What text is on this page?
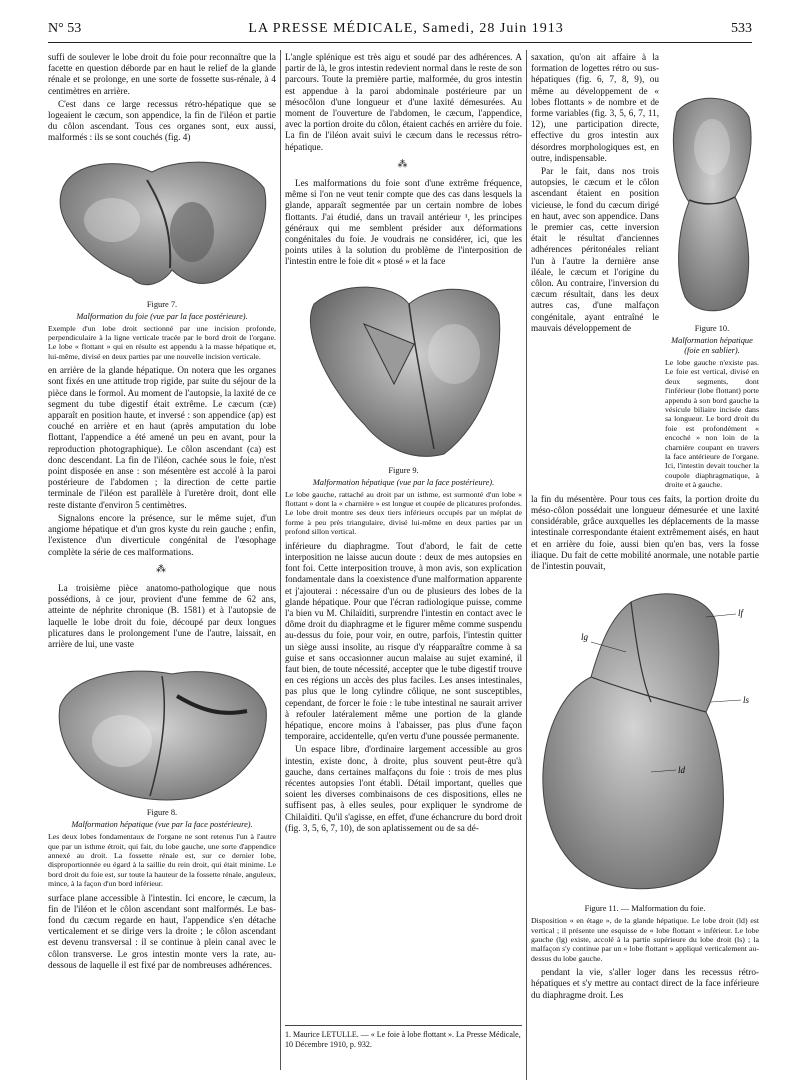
N° 53	LA PRESSE MÉDICALE, Samedi, 28 Juin 1913	533

suffi de soulever le lobe droit du foie pour reconnaître que la facette en question déborde par en haut le relief de la glande rénale et se prolonge, en une sorte de fossette sus-rénale, à 4 centimètres en arrière.

C'est dans ce large recessus rétro-hépatique que se logeaient le cæcum, son appendice, la fin de l'iléon et partie du côlon ascendant. Tous ces organes sont, eux aussi, malformés : ils se sont couchés (fig. 4)

Figure 7.
Malformation du foie (vue par la face postérieure).
Exemple d'un lobe droit sectionné par une incision profonde, perpendiculaire à la ligne verticale tracée par le bord droit de l'organe. Le lobe « flottant » qui en résulte est appendu à la masse hépatique et, lui-même, divisé en deux parties par une nouvelle incision verticale.

en arrière de la glande hépatique. On notera que les organes sont fixés en une attitude trop rigide, par suite du séjour de la pièce dans le formol. Au moment de l'autopsie, la laxité de ce segment du tube digestif était extrême. Le cæcum (cæ) apparaît en position haute, et inversé : son appendice (ap) est couché en arrière et en haut (après amputation du lobe flottant, l'appendice a été amené un peu en avant, pour la reproduction photographique). Le côlon ascendant (ca) est donc descendant. La fin de l'iléon, cachée sous le foie, n'est point disposée en anse : son mésentère est accolé à la paroi postérieure de l'abdomen ; la direction de cette partie terminale de l'iléon est parallèle à l'uretère droit, dont elle reste distante d'environ 5 centimètres.

Signalons encore la présence, sur le même sujet, d'un angiome hépatique et d'un gros kyste du rein gauche ; enfin, l'existence d'un diverticule congénital de l'œsophage complète la série de ces malformations.

⁂

La troisième pièce anatomo-pathologique que nous possédions, à ce jour, provient d'une femme de 62 ans, atteinte de néphrite chronique (B. 1581) et à l'autopsie de laquelle le lobe droit du foie, découpé par deux longues plicatures dans le prolongement l'une de l'autre, laissait, en arrière de lui, une vaste

Figure 8.
Malformation hépatique (vue par la face postérieure).
Les deux lobes fondamentaux de l'organe ne sont retenus l'un à l'autre que par un isthme étroit, qui fait, du lobe gauche, une sorte d'appendice annexé au droit. La fossette rénale est, sur ce dernier lobe, disproportionnée eu égard à la saillie du rein droit, qui était minime. Le bord droit du foie est, sur toute la hauteur de la fossette rénale, anguleux, mince, à la façon d'un bord inférieur.

surface plane accessible à l'intestin. Ici encore, le cæcum, la fin de l'iléon et le côlon ascendant sont malformés. Le bas-fond du cæcum regarde en haut, l'appendice s'en détache verticalement et se dirige vers la droite ; le côlon ascendant est devenu transversal : il se continue à plein canal avec le côlon transverse. Le gros intestin monte vers la rate, au-dessous de laquelle il est fixé par de nombreuses adhérences.

L'angle splénique est très aigu et soudé par des adhérences. A partir de là, le gros intestin redevient normal dans le reste de son parcours. Toute la première partie, malformée, du gros intestin est appendue à la paroi abdominale postérieure par un mésocôlon d'une longueur et d'une laxité démesurées. Au moment de l'ouverture de l'abdomen, le cæcum, l'appendice, avec la portion droite du côlon, étaient cachés en arrière du foie. La fin de l'iléon avait suivi le cæcum dans le recessus rétro-hépatique.

⁂

Les malformations du foie sont d'une extrême fréquence, même si l'on ne veut tenir compte que des cas dans lesquels la glande, apparaît segmentée par un certain nombre de lobes flottants. J'ai étudié, dans un travail antérieur ¹, les principes généraux qui me semblent présider aux déformations congénitales du foie. Je voudrais ne considérer, ici, que les points utiles à la solution du problème de l'interposition de l'intestin entre le foie dit « ptosé » et la face

Figure 9.
Malformation hépatique (vue par la face postérieure).
Le lobe gauche, rattaché au droit par un isthme, est surmonté d'un lobe « flottant » dont la « charnière » est longue et coupée de plicatures profondes. Le lobe droit montre ses deux tiers inférieurs occupés par un méplat de forme à peu près triangulaire, divisé lui-même en deux parties par un profond sillon vertical.

inférieure du diaphragme. Tout d'abord, le fait de cette interposition ne laisse aucun doute : deux de mes autopsies en font foi. Cette interposition trouve, à mon avis, son explication fondamentale dans la coexistence d'une malformation apparente et j'ajouterai : nécessaire d'un ou de plusieurs des lobes de la glande hépatique. Pour que l'écran radiologique puisse, comme l'a bien vu M. Chilaïditi, surprendre l'intestin en contact avec le dôme droit du diaphragme et le figurer même comme suspendu au-dessus du foie, pour voir, en outre, parfois, l'intestin quitter un siège aussi insolite, au risque d'y réapparaître comme à sa guise et sans occasionner aucun malaise au sujet examiné, il faut bien, de toute nécessité, accepter que le tube digestif trouve en ces régions un accès des plus faciles. Les anses intestinales, pas plus que le long cylindre côlique, ne sont susceptibles, cependant, de forcer le foie : le tube intestinal ne saurait arriver à refouler latéralement même une portion de la glande hépatique, encore moins à l'abaisser, pas plus d'une façon temporaire, accidentelle, qu'en vertu d'une poussée permanente.

Un espace libre, d'ordinaire largement accessible au gros intestin, existe donc, à droite, plus souvent peut-être qu'à gauche, dans certaines malfaçons du foie : trois de mes plus récentes autopsies l'ont établi. Détail important, quelles que soient les diverses combinaisons de ces dispositions, elles ne suffisent pas, à elles seules, pour expliquer le syndrome de Chilaïditi. Qu'il s'agisse, en effet, d'une échancrure du bord droit (fig. 3, 5, 6, 7, 10), de son aplatissement ou de sa dé-

1. Maurice LETULLE. — « Le foie à lobe flottant ». La Presse Médicale, 10 Décembre 1910, p. 932.

saxation, qu'on ait affaire à la formation de logettes rétro ou sus-hépatiques (fig. 6, 7, 8, 9), ou même au développement de « lobes flottants » de nombre et de forme variables (fig. 3, 5, 6, 7, 11, 12), une participation directe, effective du gros intestin aux désordres morphologiques est, en outre, indispensable.

Par le fait, dans nos trois autopsies, le cæcum et le côlon ascendant étaient en position vicieuse, le fond du cæcum dirigé en haut, avec son appendice. Dans le premier cas, cette inversion était le résultat d'anciennes adhérences péritonéales reliant l'un à l'autre la dernière anse iléale, le cæcum et l'origine du côlon. Au contraire, l'inversion du cæcum résultait, dans les deux autres cas, d'une malfaçon congénitale, ayant entraîné le mauvais développement de	Figure 10.
Malformation hépatique (foie en sablier).
Le lobe gauche n'existe pas. Le foie est vertical, divisé en deux segments, dont l'inférieur (lobe flottant) porte appendu à son bord gauche la vésicule biliaire incisée dans sa longueur. Le bord droit du foie est profondément « encoché » non loin de la charnière coupant en travers la face antérieure de l'organe. Ici, l'intestin devait toucher la coupole diaphragmatique, à droite et à gauche.

la fin du mésentère. Pour tous ces faits, la portion droite du méso-côlon possédait une longueur démesurée et une laxité considérable, grâce auxquelles les déplacements de la masse intestinale correspondante étaient extrêmement aisés, en haut et en arrière du foie, aussi bien qu'en bas, vers la fosse iliaque. Du fait de cette mobilité anormale, une notable partie de l'intestin pouvait,

lg
lf
ls
ld
Figure 11. — Malformation du foie.
Disposition « en étage », de la glande hépatique. Le lobe droit (ld) est vertical ; il présente une esquisse de « lobe flottant » inférieur. Le lobe gauche (lg) existe, accolé à la partie supérieure du lobe droit (ls) ; la malfaçon s'y continue par un « lobe flottant » appliqué verticalement au-dessus du lobe gauche.

pendant la vie, s'aller loger dans les recessus rétro-hépatiques et s'y mettre au contact direct de la face inférieure du diaphragme droit. Les
